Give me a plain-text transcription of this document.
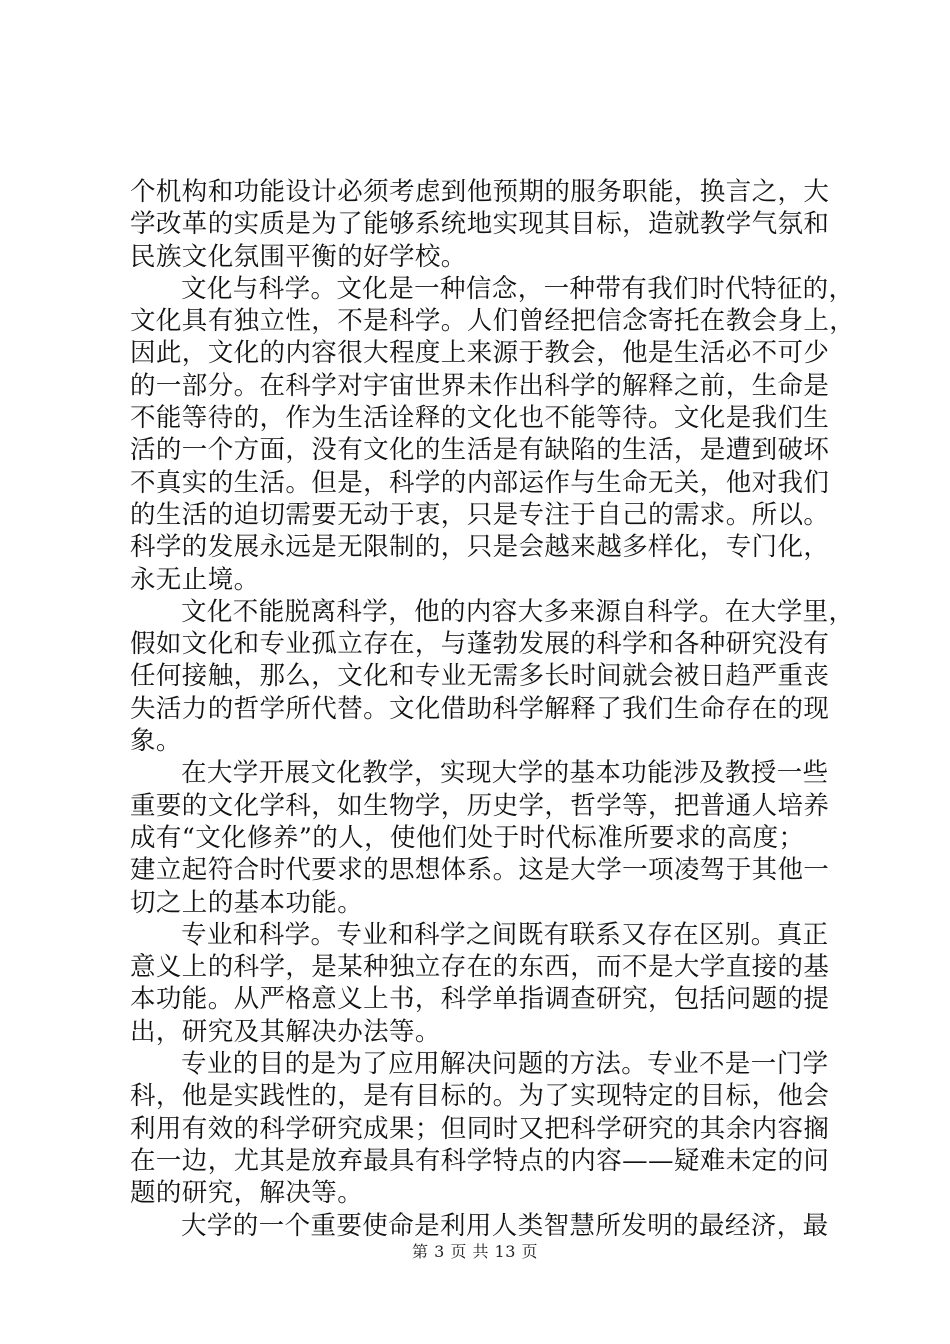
个机构和功能设计必须考虑到他预期的服务职能，换言之，大
学改革的实质是为了能够系统地实现其目标，造就教学气氛和
民族文化氛围平衡的好学校。
文化与科学。文化是一种信念，一种带有我们时代特征的，
文化具有独立性，不是科学。人们曾经把信念寄托在教会身上，
因此，文化的内容很大程度上来源于教会，他是生活必不可少
的一部分。在科学对宇宙世界未作出科学的解释之前，生命是
不能等待的，作为生活诠释的文化也不能等待。文化是我们生
活的一个方面，没有文化的生活是有缺陷的生活，是遭到破坏
不真实的生活。但是，科学的内部运作与生命无关，他对我们
的生活的迫切需要无动于衷，只是专注于自己的需求。所以。
科学的发展永远是无限制的，只是会越来越多样化，专门化，
永无止境。
文化不能脱离科学，他的内容大多来源自科学。在大学里，
假如文化和专业孤立存在，与蓬勃发展的科学和各种研究没有
任何接触，那么，文化和专业无需多长时间就会被日趋严重丧
失活力的哲学所代替。文化借助科学解释了我们生命存在的现
象。
在大学开展文化教学，实现大学的基本功能涉及教授一些
重要的文化学科，如生物学，历史学，哲学等，把普通人培养
成有“文化修养”的人，使他们处于时代标准所要求的高度；
建立起符合时代要求的思想体系。这是大学一项凌驾于其他一
切之上的基本功能。
专业和科学。专业和科学之间既有联系又存在区别。真正
意义上的科学，是某种独立存在的东西，而不是大学直接的基
本功能。从严格意义上书，科学单指调查研究，包括问题的提
出，研究及其解决办法等。
专业的目的是为了应用解决问题的方法。专业不是一门学
科，他是实践性的，是有目标的。为了实现特定的目标，他会
利用有效的科学研究成果；但同时又把科学研究的其余内容搁
在一边，尤其是放弃最具有科学特点的内容——疑难未定的问
题的研究，解决等。
大学的一个重要使命是利用人类智慧所发明的最经济，最
第 3 页 共 13 页
